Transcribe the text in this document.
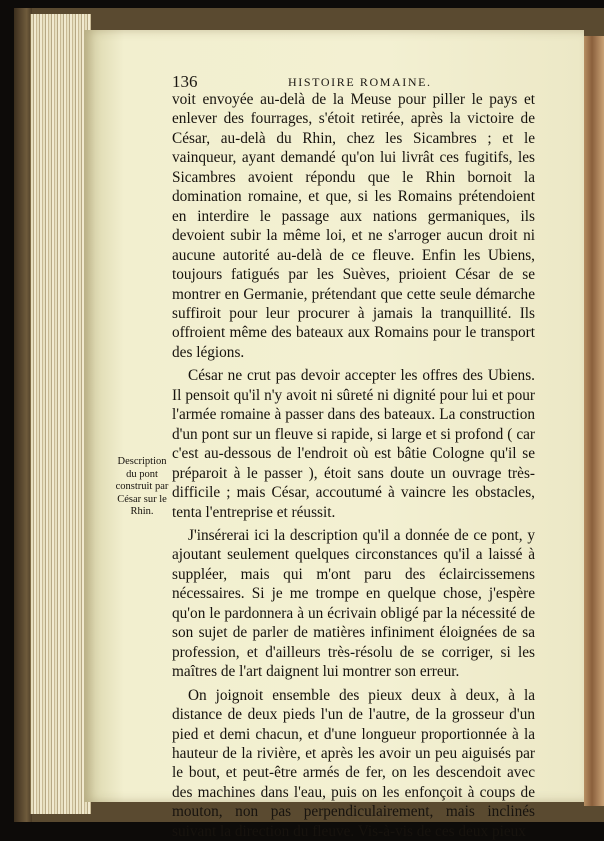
136	HISTOIRE ROMAINE.

voit envoyée au-delà de la Meuse pour piller le pays et enlever des fourrages, s'étoit retirée, après la victoire de César, au-delà du Rhin, chez les Sicambres ; et le vainqueur, ayant demandé qu'on lui livrât ces fugitifs, les Sicambres avoient répondu que le Rhin bornoit la domination romaine, et que, si les Romains prétendoient en interdire le passage aux nations germaniques, ils devoient subir la même loi, et ne s'arroger aucun droit ni aucune autorité au-delà de ce fleuve. Enfin les Ubiens, toujours fatigués par les Suèves, prioient César de se montrer en Germanie, prétendant que cette seule démarche suffiroit pour leur procurer à jamais la tranquillité. Ils offroient même des bateaux aux Romains pour le transport des légions.

César ne crut pas devoir accepter les offres des Ubiens. Il pensoit qu'il n'y avoit ni sûreté ni dignité pour lui et pour l'armée romaine à passer dans des bateaux. La construction d'un pont sur un fleuve si rapide, si large et si profond ( car c'est au-dessous de l'endroit où est bâtie Cologne qu'il se préparoit à le passer ), étoit sans doute un ouvrage très-difficile ; mais César, accoutumé à vaincre les obstacles, tenta l'entreprise et réussit.

J'insérerai ici la description qu'il a donnée de ce pont, y ajoutant seulement quelques circonstances qu'il a laissé à suppléer, mais qui m'ont paru des éclaircissemens nécessaires. Si je me trompe en quelque chose, j'espère qu'on le pardonnera à un écrivain obligé par la nécessité de son sujet de parler de matières infiniment éloignées de sa profession, et d'ailleurs très-résolu de se corriger, si les maîtres de l'art daignent lui montrer son erreur.

On joignoit ensemble des pieux deux à deux, à la distance de deux pieds l'un de l'autre, de la grosseur d'un pied et demi chacun, et d'une longueur proportionnée à la hauteur de la rivière, et après les avoir un peu aiguisés par le bout, et peut-être armés de fer, on les descendoit avec des machines dans l'eau, puis on les enfonçoit à coups de mouton, non pas perpendiculairement, mais inclinés suivant la direction du fleuve. Vis-à-vis de ces deux pieux

Description du pont construit par César sur le Rhin.
